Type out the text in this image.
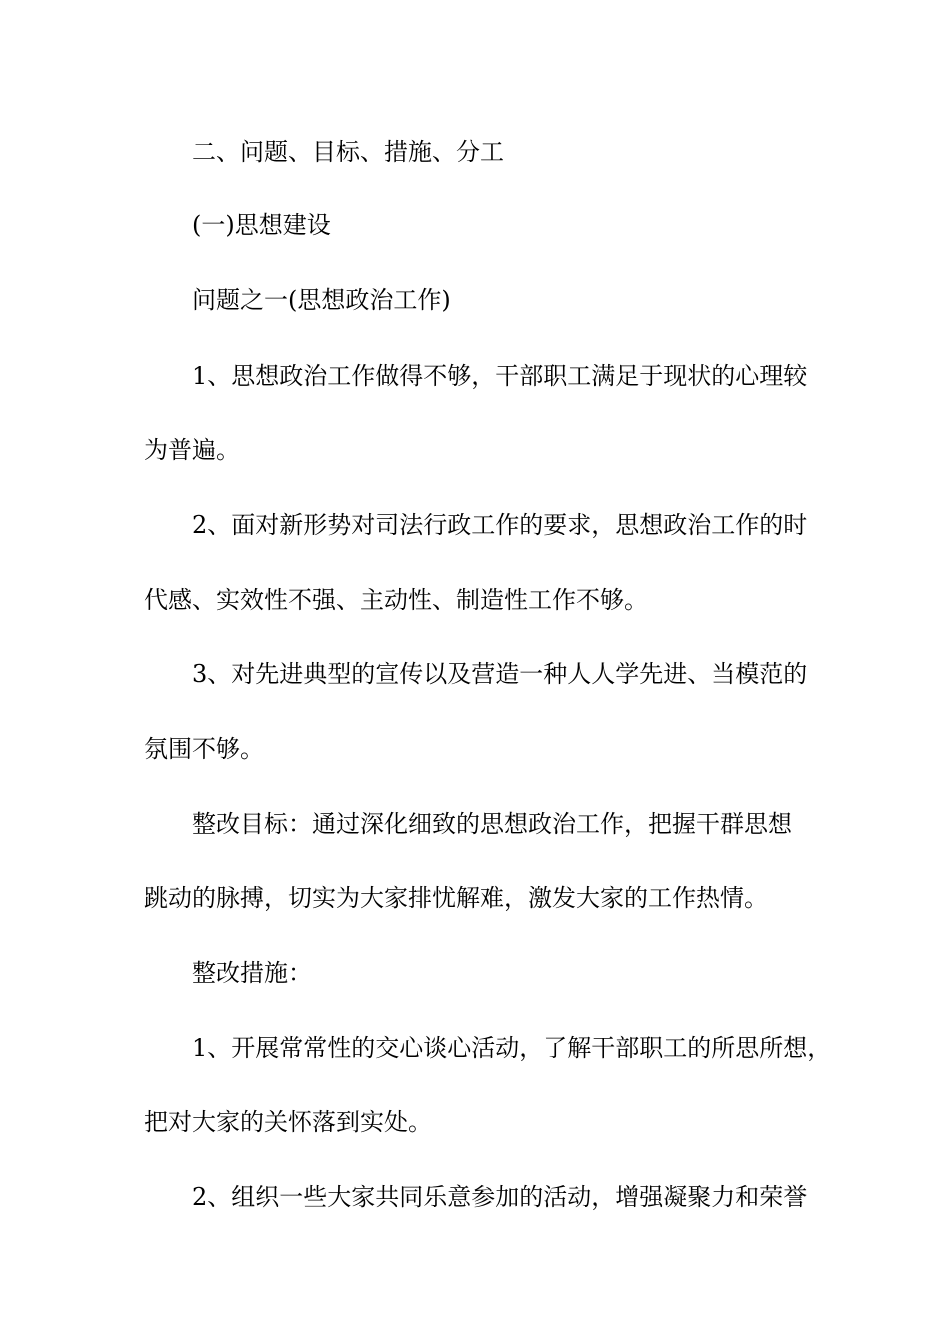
二、问题、目标、措施、分工
(一)思想建设
问题之一(思想政治工作)
1、思想政治工作做得不够，干部职工满足于现状的心理较
为普遍。
2、面对新形势对司法行政工作的要求，思想政治工作的时
代感、实效性不强、主动性、制造性工作不够。
3、对先进典型的宣传以及营造一种人人学先进、当模范的
氛围不够。
整改目标：通过深化细致的思想政治工作，把握干群思想
跳动的脉搏，切实为大家排忧解难，激发大家的工作热情。
整改措施：
1、开展常常性的交心谈心活动，了解干部职工的所思所想，
把对大家的关怀落到实处。
2、组织一些大家共同乐意参加的活动，增强凝聚力和荣誉
